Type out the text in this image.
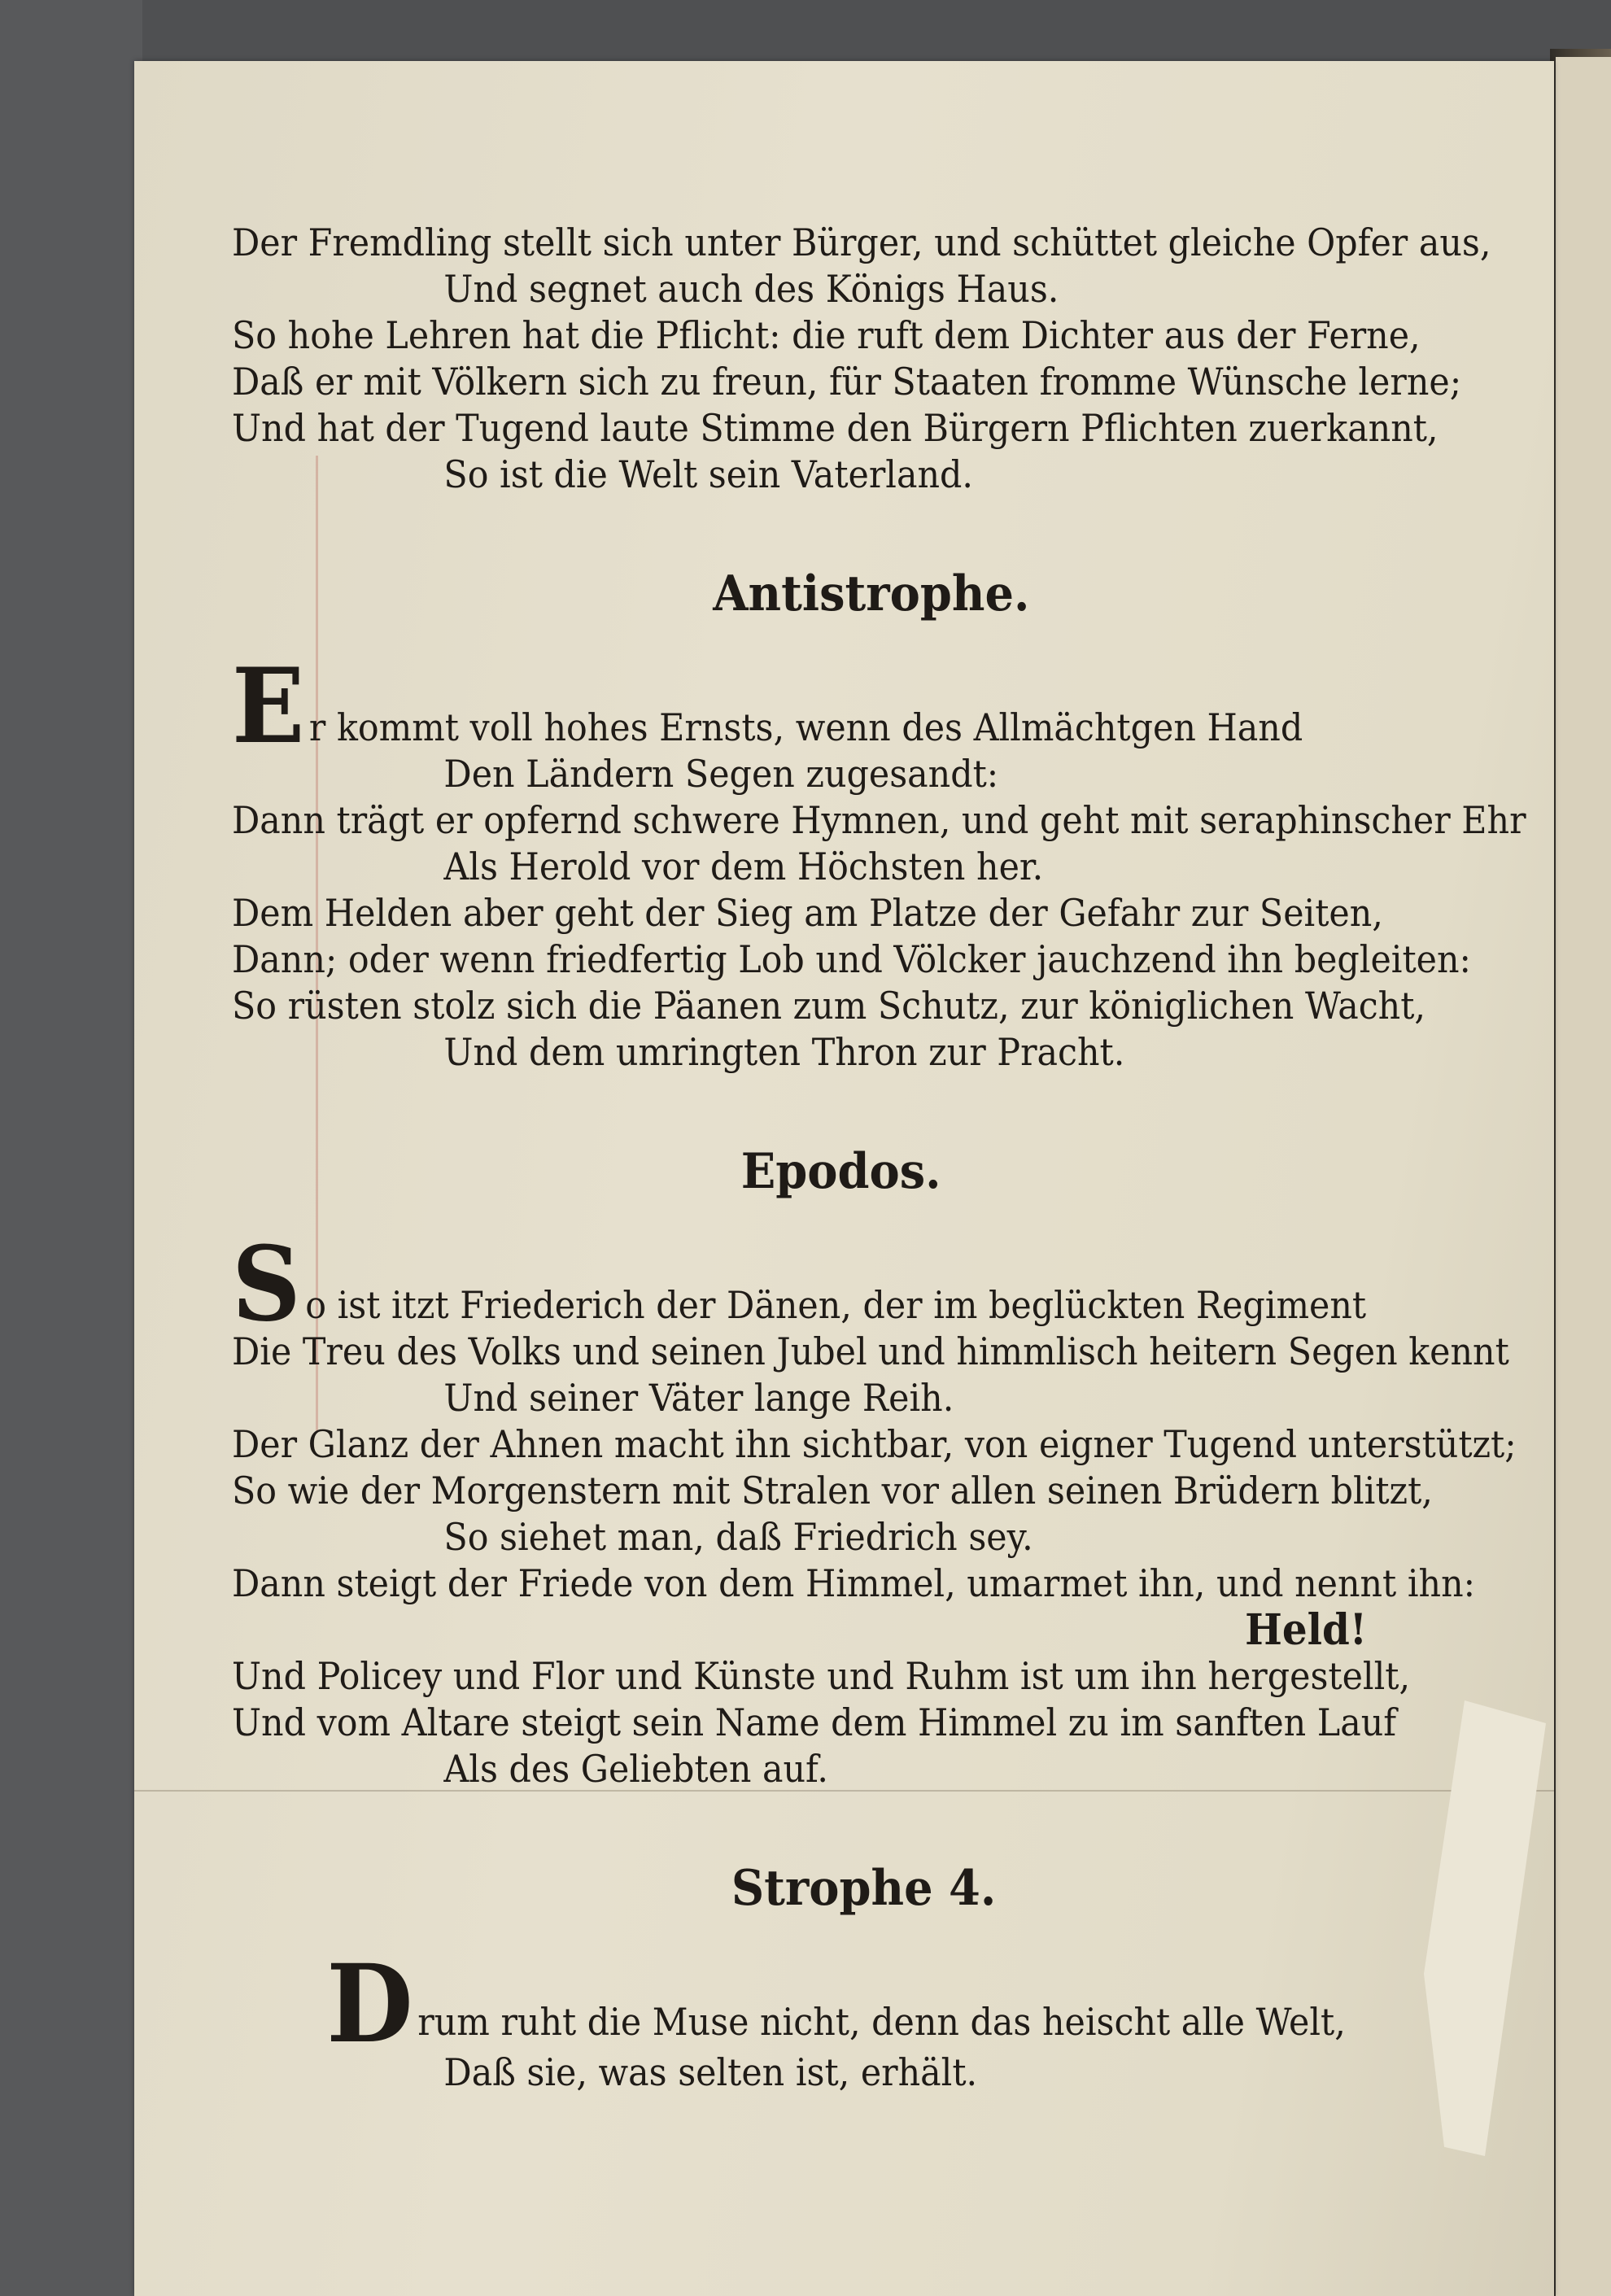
Der Fremdling stellt sich unter Bürger, und schüttet gleiche Opfer aus,
Und segnet auch des Königs Haus.
So hohe Lehren hat die Pflicht: die ruft dem Dichter aus der Ferne,
Daß er mit Völkern sich zu freun, für Staaten fromme Wünsche lerne;
Und hat der Tugend laute Stimme den Bürgern Pflichten zuerkannt,
So ist die Welt sein Vaterland.
Antistrophe.
E r kommt voll hohes Ernsts, wenn des Allmächtgen Hand
Den Ländern Segen zugesandt:
Dann trägt er opfernd schwere Hymnen, und geht mit seraphinscher Ehr
Als Herold vor dem Höchsten her.
Dem Helden aber geht der Sieg am Platze der Gefahr zur Seiten,
Dann; oder wenn friedfertig Lob und Völcker jauchzend ihn begleiten:
So rüsten stolz sich die Päanen zum Schutz, zur königlichen Wacht,
Und dem umringten Thron zur Pracht.
Epodos.
S o ist itzt Friederich der Dänen, der im beglückten Regiment
Die Treu des Volks und seinen Jubel und himmlisch heitern Segen kennt
Und seiner Väter lange Reih.
Der Glanz der Ahnen macht ihn sichtbar, von eigner Tugend unterstützt;
So wie der Morgenstern mit Stralen vor allen seinen Brüdern blitzt,
So siehet man, daß Friedrich sey.
Dann steigt der Friede von dem Himmel, umarmet ihn, und nennt ihn:
Held!
Und Policey und Flor und Künste und Ruhm ist um ihn hergestellt,
Und vom Altare steigt sein Name dem Himmel zu im sanften Lauf
Als des Geliebten auf.
Strophe 4.
D rum ruht die Muse nicht, denn das heischt alle Welt,
Daß sie, was selten ist, erhält.
